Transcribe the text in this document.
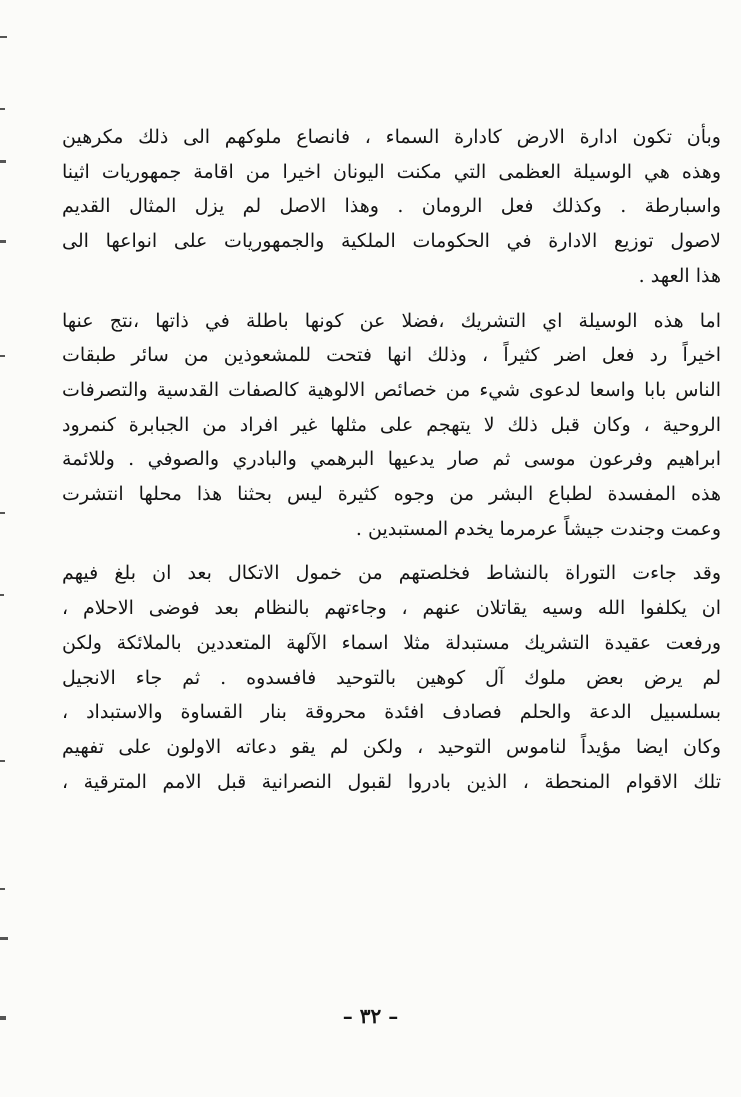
وبأن تكون ادارة الارض كادارة السماء ، فانصاع ملوكهم الى ذلك مكرهين
وهذه هي الوسيلة العظمى التي مكنت اليونان اخيرا من اقامة جمهوريات اثينا
واسبارطة . وكذلك فعل الرومان . وهذا الاصل لم يزل المثال القديم
لاصول توزيع الادارة في الحكومات الملكية والجمهوريات على انواعها الى
هذا العهد .
اما هذه الوسيلة اي التشريك ،فضلا عن كونها باطلة في ذاتها ،نتج عنها
اخيراً رد فعل اضر كثيراً ، وذلك انها فتحت للمشعوذين من سائر طبقات
الناس بابا واسعا لدعوى شيء من خصائص الالوهية كالصفات القدسية والتصرفات
الروحية ، وكان قبل ذلك لا يتهجم على مثلها غير افراد من الجبابرة كنمرود
ابراهيم وفرعون موسى ثم صار يدعيها البرهمي والبادري والصوفي . وللائمة
هذه المفسدة لطباع البشر من وجوه كثيرة ليس بحثنا هذا محلها انتشرت
وعمت وجندت جيشاً عرمرما يخدم المستبدين .
وقد جاءت التوراة بالنشاط فخلصتهم من خمول الاتكال بعد ان بلغ فيهم
ان يكلفوا الله وسيه يقاتلان عنهم ، وجاءتهم بالنظام بعد فوضى الاحلام ،
ورفعت عقيدة التشريك مستبدلة مثلا اسماء الآلهة المتعددين بالملائكة ولكن
لم يرض بعض ملوك آل كوهين بالتوحيد فافسدوه . ثم جاء الانجيل
بسلسبيل الدعة والحلم فصادف افئدة محروقة بنار القساوة والاستبداد ،
وكان ايضا مؤيداً لناموس التوحيد ، ولكن لم يقو دعاته الاولون على تفهيم
تلك الاقوام المنحطة ، الذين بادروا لقبول النصرانية قبل الامم المترقية ،
– ٣٢ –
